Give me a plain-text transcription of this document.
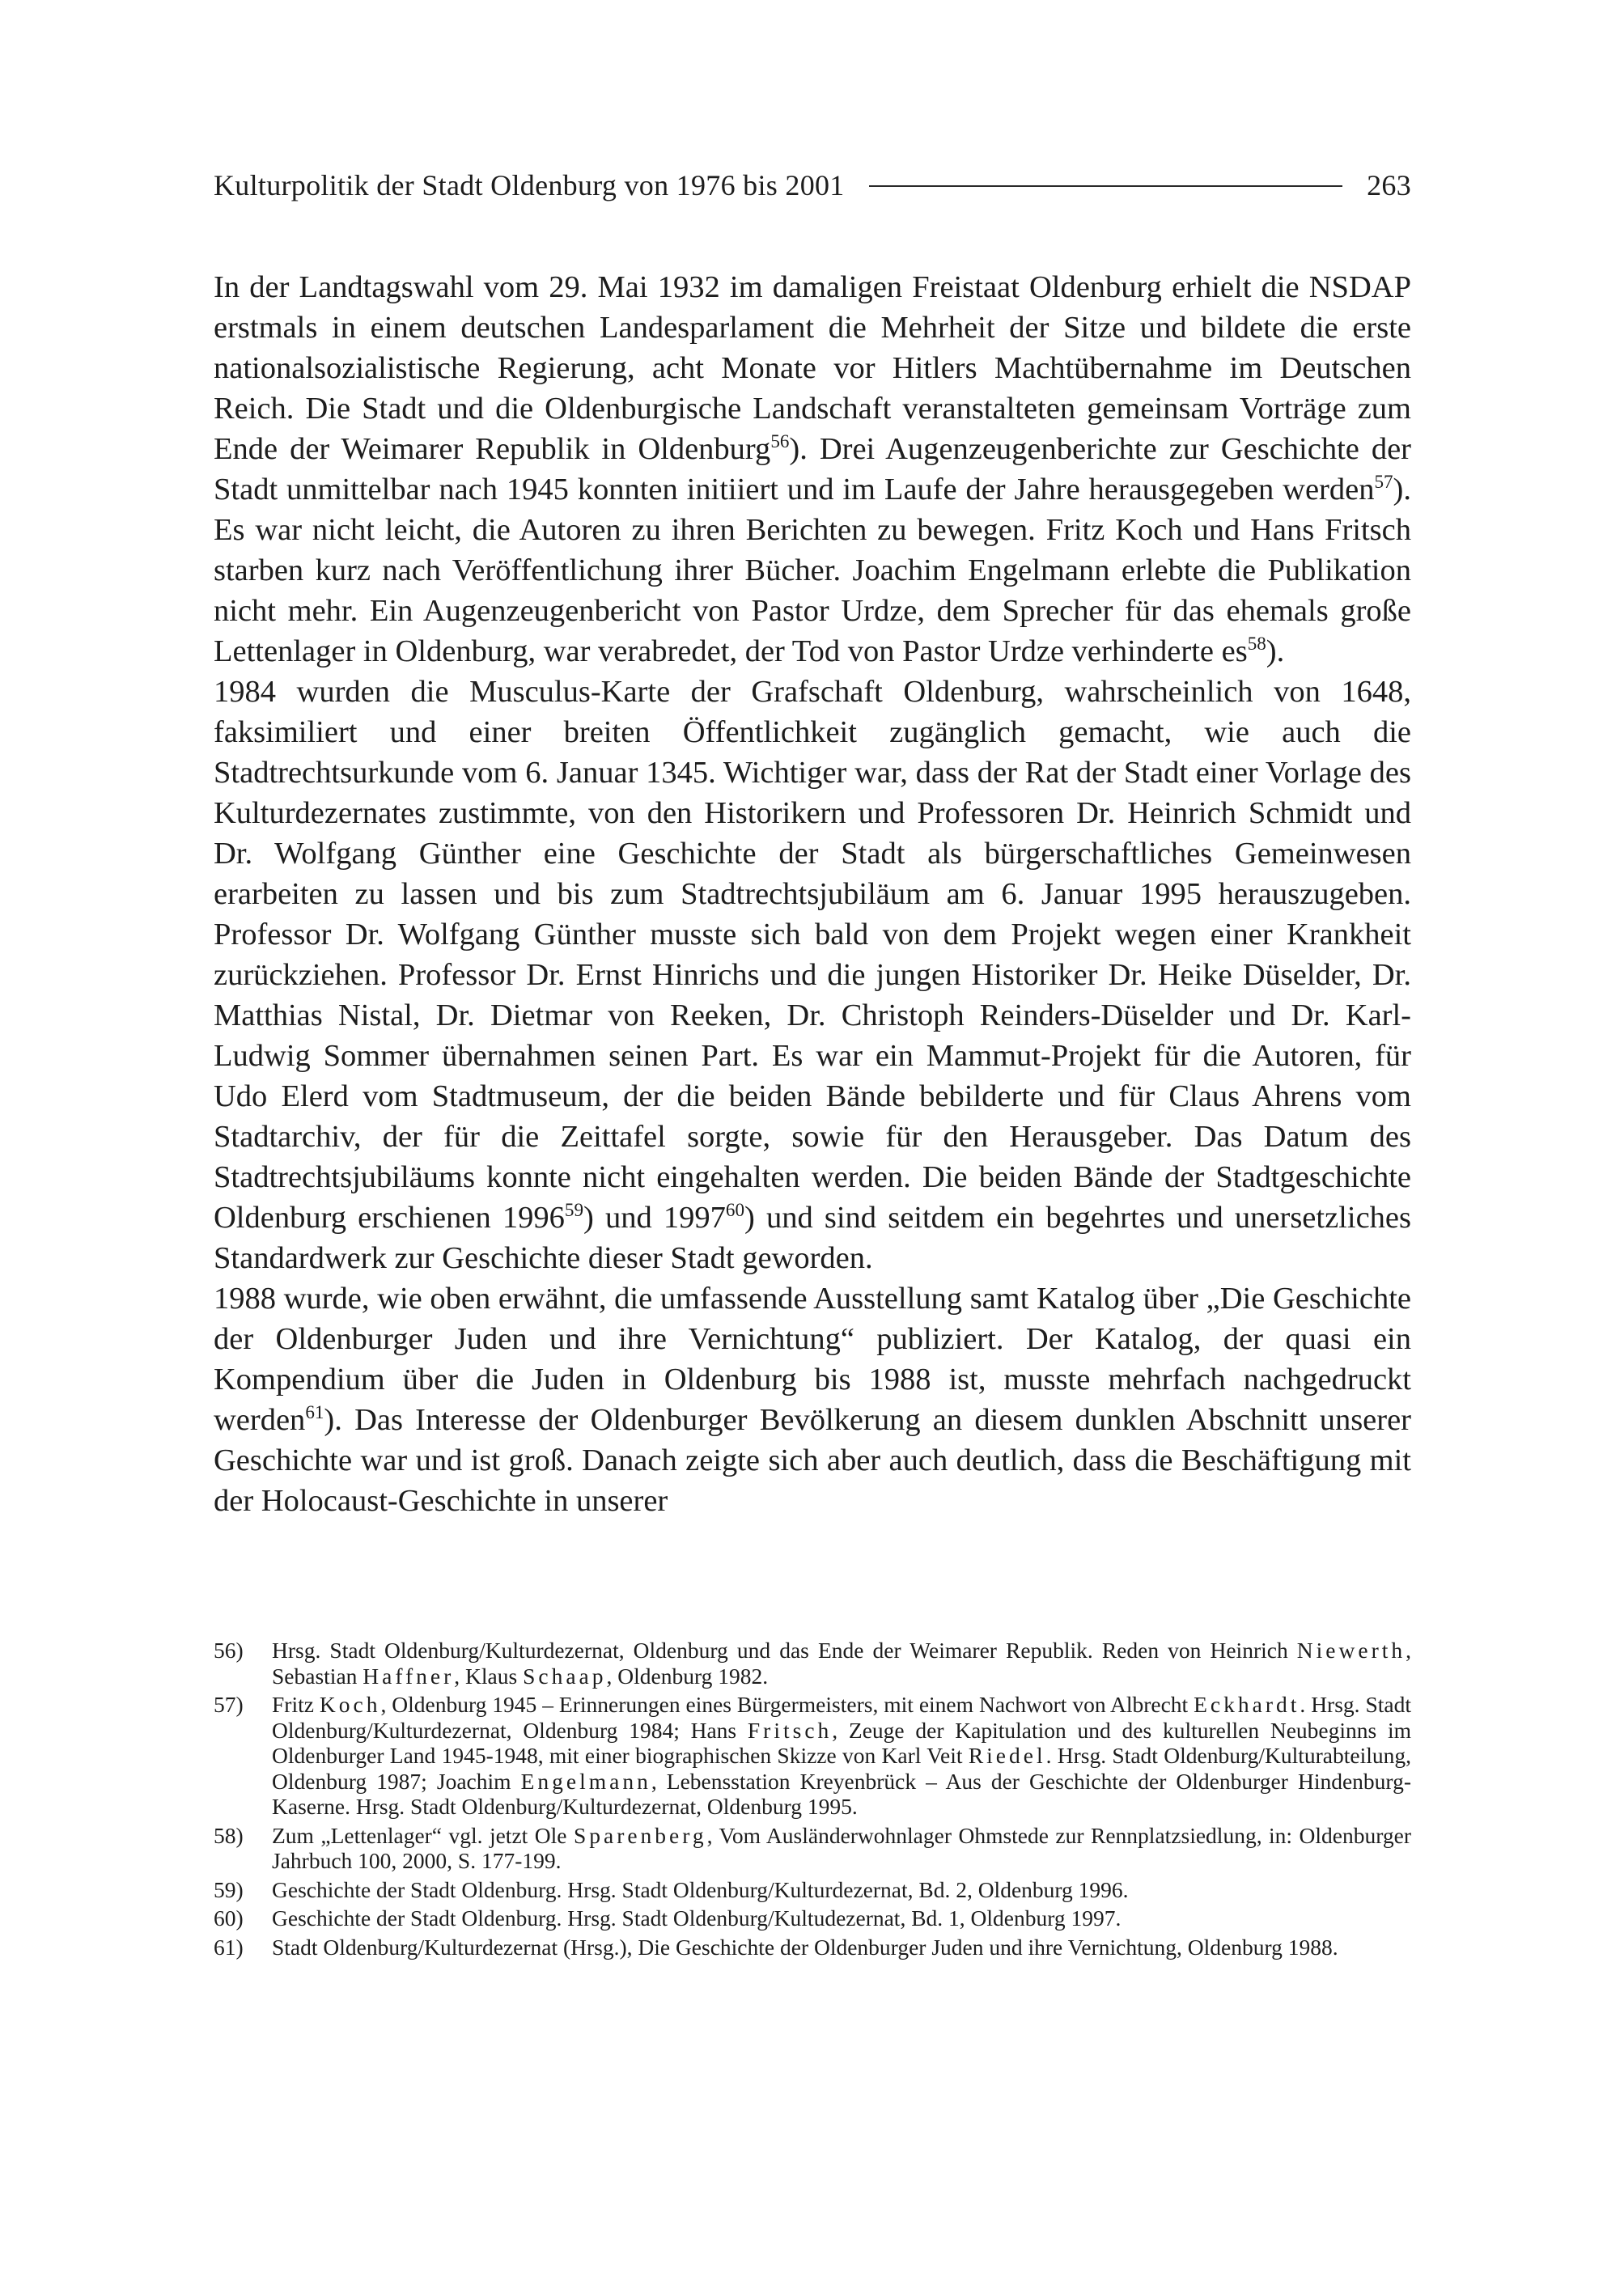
Kulturpolitik der Stadt Oldenburg von 1976 bis 2001	263

In der Landtagswahl vom 29. Mai 1932 im damaligen Freistaat Oldenburg erhielt die NSDAP erstmals in einem deutschen Landesparlament die Mehrheit der Sitze und bildete die erste nationalsozialistische Regierung, acht Monate vor Hitlers Machtübernahme im Deutschen Reich. Die Stadt und die Oldenburgische Landschaft veranstalteten gemeinsam Vorträge zum Ende der Weimarer Republik in Oldenburg$^{56}$). Drei Augenzeugenberichte zur Geschichte der Stadt unmittelbar nach 1945 konnten initiiert und im Laufe der Jahre herausgegeben werden$^{57}$). Es war nicht leicht, die Autoren zu ihren Berichten zu bewegen. Fritz Koch und Hans Fritsch starben kurz nach Veröffentlichung ihrer Bücher. Joachim Engelmann erlebte die Publikation nicht mehr. Ein Augenzeugenbericht von Pastor Urdze, dem Sprecher für das ehemals große Lettenlager in Oldenburg, war verabredet, der Tod von Pastor Urdze verhinderte $es^{58}$).

1984 wurden die Musculus-Karte der Grafschaft Oldenburg, wahrscheinlich von 1648, faksimiliert und einer breiten Öffentlichkeit zugänglich gemacht, wie auch die Stadtrechtsurkunde vom 6. Januar 1345. Wichtiger war, dass der Rat der Stadt einer Vorlage des Kulturdezernates zustimmte, von den Historikern und Professoren Dr. Heinrich Schmidt und Dr. Wolfgang Günther eine Geschichte der Stadt als bürgerschaftliches Gemeinwesen erarbeiten zu lassen und bis zum Stadtrechtsjubiläum am 6. Januar 1995 herauszugeben. Professor Dr. Wolfgang Günther musste sich bald von dem Projekt wegen einer Krankheit zurückziehen. Professor Dr. Ernst Hinrichs und die jungen Historiker Dr. Heike Düselder, Dr. Matthias Nistal, Dr. Dietmar von Reeken, Dr. Christoph Reinders-Düselder und Dr. Karl-Ludwig Sommer übernahmen seinen Part. Es war ein Mammut-Projekt für die Autoren, für Udo Elerd vom Stadtmuseum, der die beiden Bände bebilderte und für Claus Ahrens vom Stadtarchiv, der für die Zeittafel sorgte, sowie für den Herausgeber. Das Datum des Stadtrechtsjubiläums konnte nicht eingehalten werden. Die beiden Bände der Stadtgeschichte Oldenburg erschienen 1996$^{59}$) und 1997$^{60}$) und sind seitdem ein begehrtes und unersetzliches Standardwerk zur Geschichte dieser Stadt geworden.

1988 wurde, wie oben erwähnt, die umfassende Ausstellung samt Katalog über „Die Geschichte der Oldenburger Juden und ihre Vernichtung“ publiziert. Der Katalog, der quasi ein Kompendium über die Juden in Oldenburg bis 1988 ist, musste mehrfach nachgedruckt werden$^{61}$). Das Interesse der Oldenburger Bevölkerung an diesem dunklen Abschnitt unserer Geschichte war und ist groß. Danach zeigte sich aber auch deutlich, dass die Beschäftigung mit der Holocaust-Geschichte in unserer

56)	Hrsg. Stadt Oldenburg/Kulturdezernat, Oldenburg und das Ende der Weimarer Republik. Reden von Heinrich Niewerth, Sebastian Haffner, Klaus Schaap, Oldenburg 1982.
57)	Fritz Koch, Oldenburg 1945 – Erinnerungen eines Bürgermeisters, mit einem Nachwort von Albrecht Eckhardt. Hrsg. Stadt Oldenburg/Kulturdezernat, Oldenburg 1984; Hans Fritsch, Zeuge der Kapitulation und des kulturellen Neubeginns im Oldenburger Land 1945-1948, mit einer biographischen Skizze von Karl Veit Riedel. Hrsg. Stadt Oldenburg/Kulturabteilung, Oldenburg 1987; Joachim Engelmann, Lebensstation Kreyenbrück – Aus der Geschichte der Oldenburger Hindenburg-Kaserne. Hrsg. Stadt Oldenburg/Kulturdezernat, Oldenburg 1995.
58)	Zum „Lettenlager“ vgl. jetzt Ole Sparenberg, Vom Ausländerwohnlager Ohmstede zur Rennplatzsiedlung, in: Oldenburger Jahrbuch 100, 2000, S. 177-199.
59)	Geschichte der Stadt Oldenburg. Hrsg. Stadt Oldenburg/Kulturdezernat, Bd. 2, Oldenburg 1996.
60)	Geschichte der Stadt Oldenburg. Hrsg. Stadt Oldenburg/Kultudezernat, Bd. 1, Oldenburg 1997.
61)	Stadt Oldenburg/Kulturdezernat (Hrsg.), Die Geschichte der Oldenburger Juden und ihre Vernichtung, Oldenburg 1988.
